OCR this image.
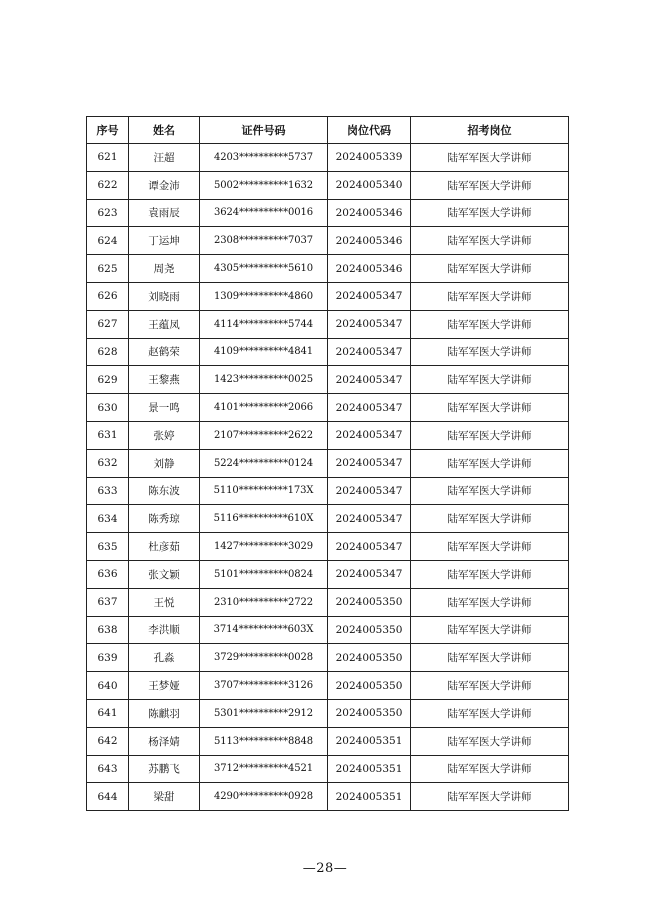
序号	姓名	证件号码	岗位代码	招考岗位
621	汪超	4203**********5737	2024005339	陆军军医大学讲师
622	谭金沛	5002**********1632	2024005340	陆军军医大学讲师
623	袁雨辰	3624**********0016	2024005346	陆军军医大学讲师
624	丁运坤	2308**********7037	2024005346	陆军军医大学讲师
625	周尧	4305**********5610	2024005346	陆军军医大学讲师
626	刘晓雨	1309**********4860	2024005347	陆军军医大学讲师
627	王蕴凤	4114**********5744	2024005347	陆军军医大学讲师
628	赵鹤荣	4109**********4841	2024005347	陆军军医大学讲师
629	王黎燕	1423**********0025	2024005347	陆军军医大学讲师
630	景一鸣	4101**********2066	2024005347	陆军军医大学讲师
631	张婷	2107**********2622	2024005347	陆军军医大学讲师
632	刘静	5224**********0124	2024005347	陆军军医大学讲师
633	陈东波	5110**********173X	2024005347	陆军军医大学讲师
634	陈秀琼	5116**********610X	2024005347	陆军军医大学讲师
635	杜彦茹	1427**********3029	2024005347	陆军军医大学讲师
636	张文颖	5101**********0824	2024005347	陆军军医大学讲师
637	王悦	2310**********2722	2024005350	陆军军医大学讲师
638	李洪顺	3714**********603X	2024005350	陆军军医大学讲师
639	孔淼	3729**********0028	2024005350	陆军军医大学讲师
640	王梦娅	3707**********3126	2024005350	陆军军医大学讲师
641	陈麒羽	5301**********2912	2024005350	陆军军医大学讲师
642	杨泽婧	5113**********8848	2024005351	陆军军医大学讲师
643	苏鹏飞	3712**********4521	2024005351	陆军军医大学讲师
644	梁甜	4290**********0928	2024005351	陆军军医大学讲师
—28—
